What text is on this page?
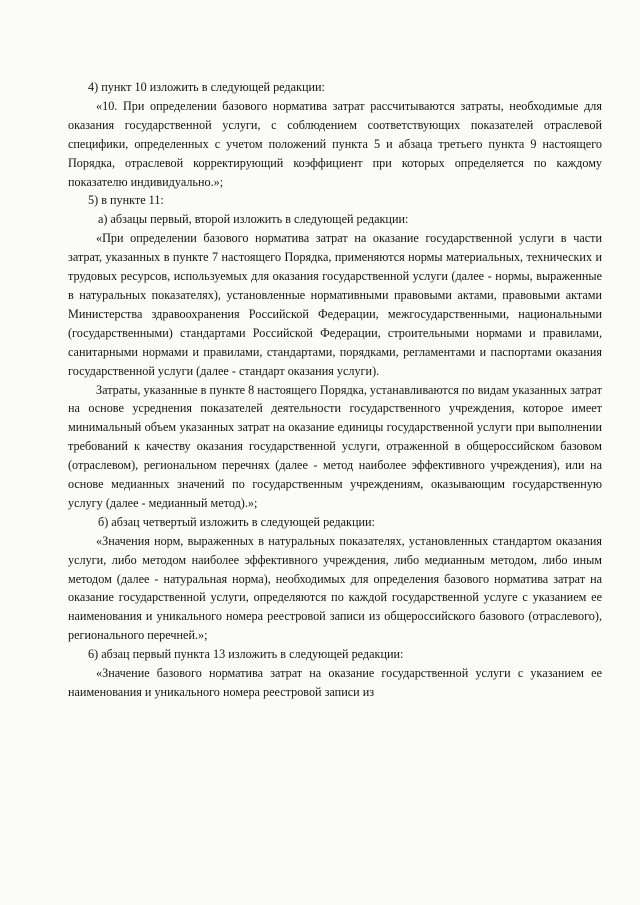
4) пункт 10 изложить в следующей редакции:

«10. При определении базового норматива затрат рассчитываются затраты, необходимые для оказания государственной услуги, с соблюдением соответствующих показателей отраслевой специфики, определенных с учетом положений пункта 5 и абзаца третьего пункта 9 настоящего Порядка, отраслевой корректирующий коэффициент при которых определяется по каждому показателю индивидуально.»;

5) в пункте 11:

а) абзацы первый, второй изложить в следующей редакции:

«При определении базового норматива затрат на оказание государственной услуги в части затрат, указанных в пункте 7 настоящего Порядка, применяются нормы материальных, технических и трудовых ресурсов, используемых для оказания государственной услуги (далее - нормы, выраженные в натуральных показателях), установленные нормативными правовыми актами, правовыми актами Министерства здравоохранения Российской Федерации, межгосударственными, национальными (государственными) стандартами Российской Федерации, строительными нормами и правилами, санитарными нормами и правилами, стандартами, порядками, регламентами и паспортами оказания государственной услуги (далее - стандарт оказания услуги).

Затраты, указанные в пункте 8 настоящего Порядка, устанавливаются по видам указанных затрат на основе усреднения показателей деятельности государственного учреждения, которое имеет минимальный объем указанных затрат на оказание единицы государственной услуги при выполнении требований к качеству оказания государственной услуги, отраженной в общероссийском базовом (отраслевом), региональном перечнях (далее - метод наиболее эффективного учреждения), или на основе медианных значений по государственным учреждениям, оказывающим государственную услугу (далее - медианный метод).»;

б) абзац четвертый изложить в следующей редакции:

«Значения норм, выраженных в натуральных показателях, установленных стандартом оказания услуги, либо методом наиболее эффективного учреждения, либо медианным методом, либо иным методом (далее - натуральная норма), необходимых для определения базового норматива затрат на оказание государственной услуги, определяются по каждой государственной услуге с указанием ее наименования и уникального номера реестровой записи из общероссийского базового (отраслевого), регионального перечней.»;

6) абзац первый пункта 13 изложить в следующей редакции:

«Значение базового норматива затрат на оказание государственной услуги с указанием ее наименования и уникального номера реестровой записи из
